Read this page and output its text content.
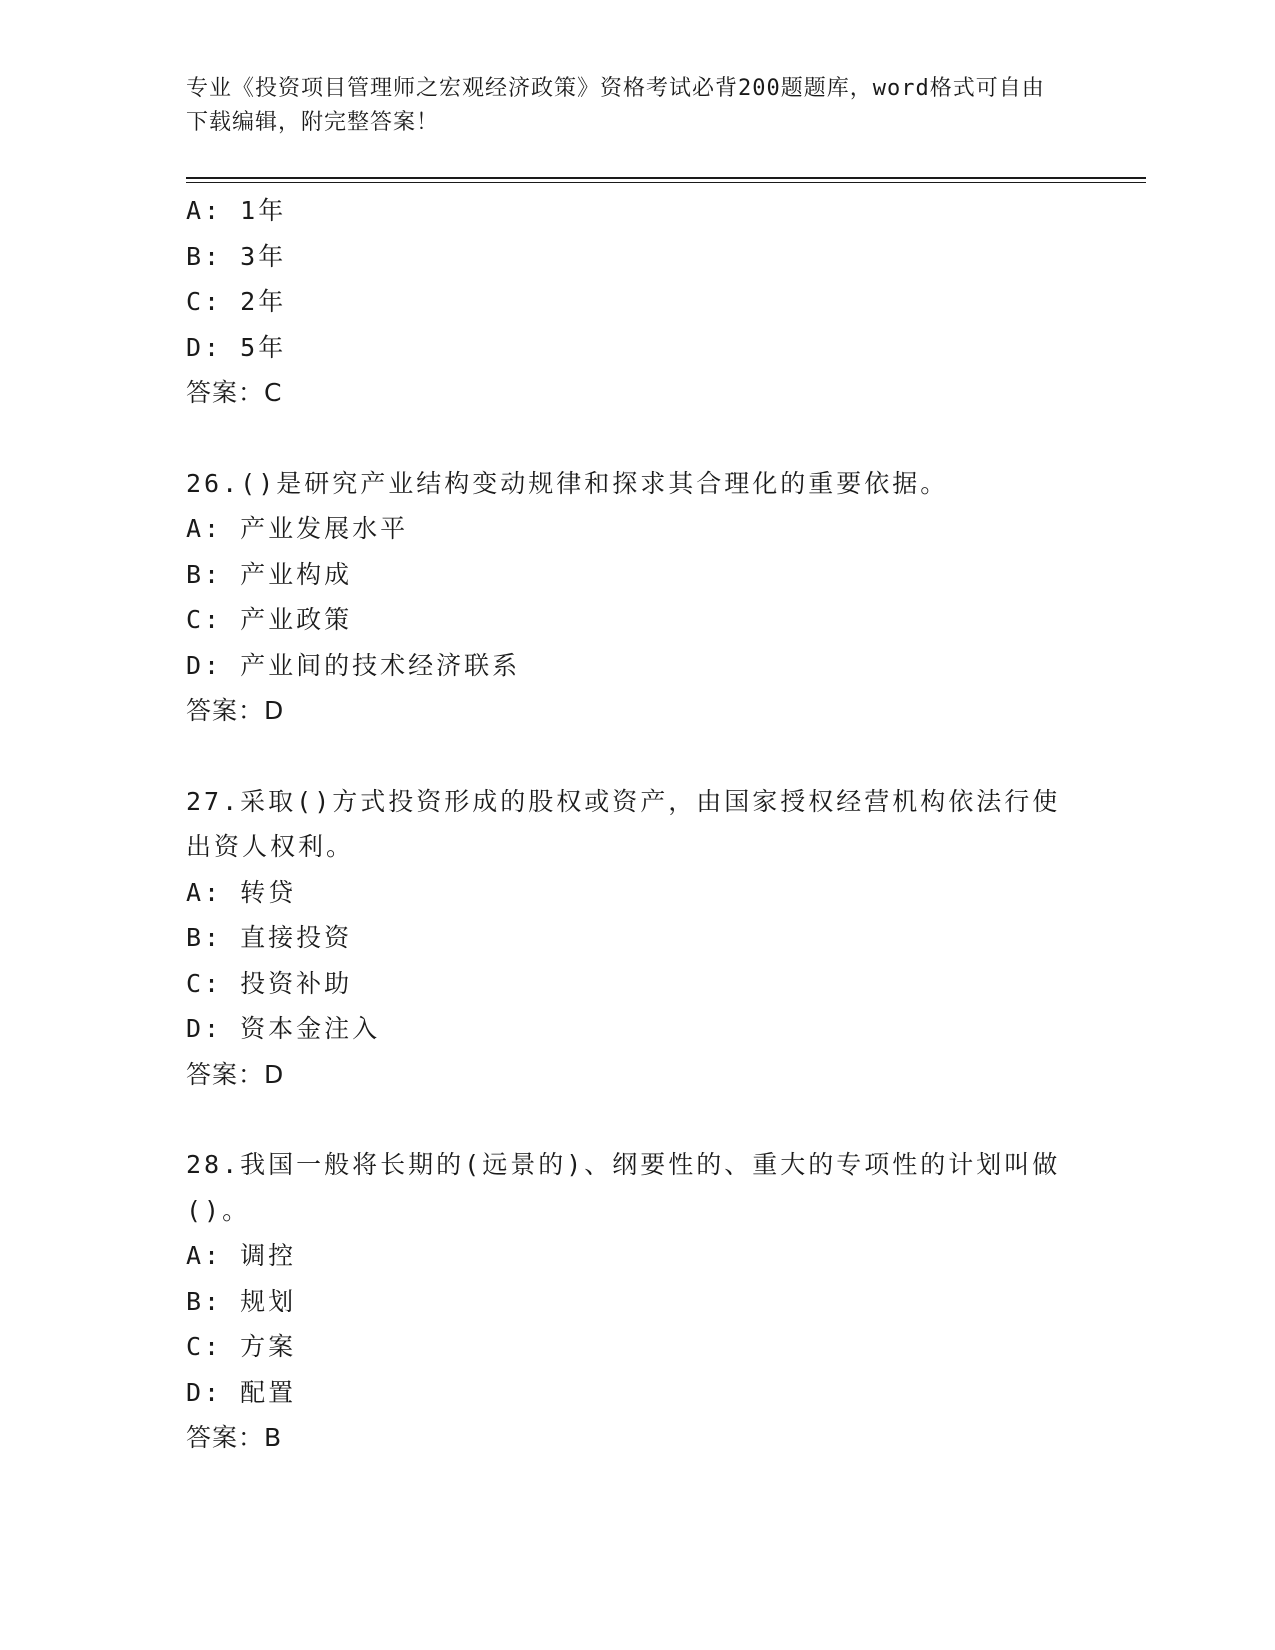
专业《投资项目管理师之宏观经济政策》资格考试必背200题题库，word格式可自由下载编辑，附完整答案！
A: 1年
B: 3年
C: 2年
D: 5年
答案：C
26.()是研究产业结构变动规律和探求其合理化的重要依据。
A: 产业发展水平
B: 产业构成
C: 产业政策
D: 产业间的技术经济联系
答案：D
27.采取()方式投资形成的股权或资产，由国家授权经营机构依法行使出资人权利。
A: 转贷
B: 直接投资
C: 投资补助
D: 资本金注入
答案：D
28.我国一般将长期的(远景的)、纲要性的、重大的专项性的计划叫做()。
A: 调控
B: 规划
C: 方案
D: 配置
答案：B
